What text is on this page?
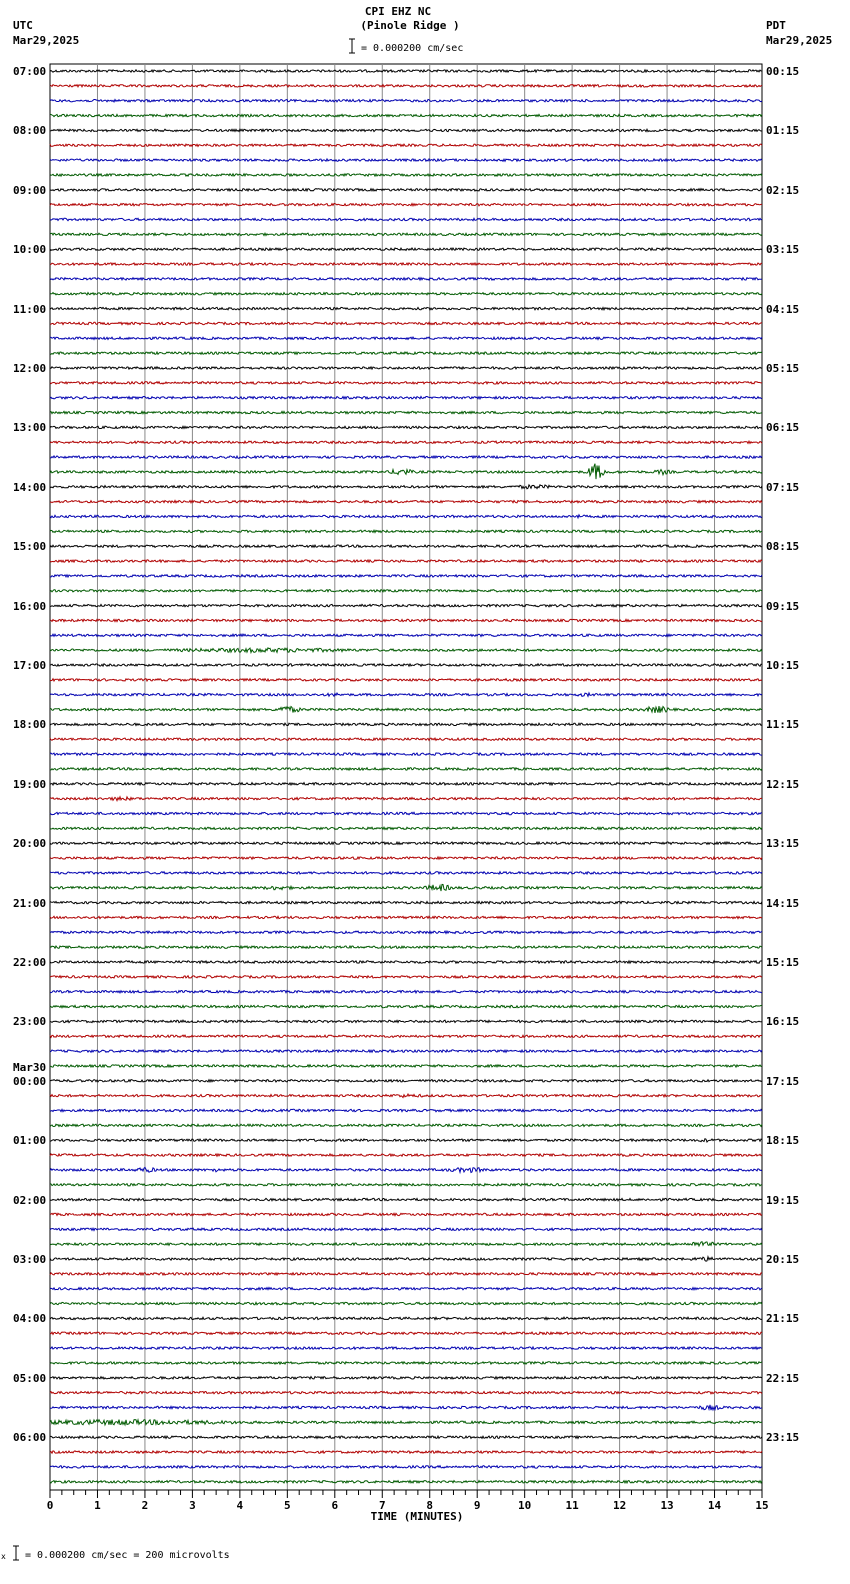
CPI EHZ NC
(Pinole Ridge )
= 0.000200 cm/sec
UTC
Mar29,2025
PDT
Mar29,2025
0	1	2	3	4	5	6	7	8	9	10	11	12	13	14	15
TIME (MINUTES)
x = 0.000200 cm/sec = 200 microvolts
07:00
08:00
09:00
10:00
11:00
12:00
13:00
14:00
15:00
16:00
17:00
18:00
19:00
20:00
21:00
22:00
23:00
00:00
Mar30
01:00
02:00
03:00
04:00
05:00
06:00
00:15
01:15
02:15
03:15
04:15
05:15
06:15
07:15
08:15
09:15
10:15
11:15
12:15
13:15
14:15
15:15
16:15
17:15
18:15
19:15
20:15
21:15
22:15
23:15
